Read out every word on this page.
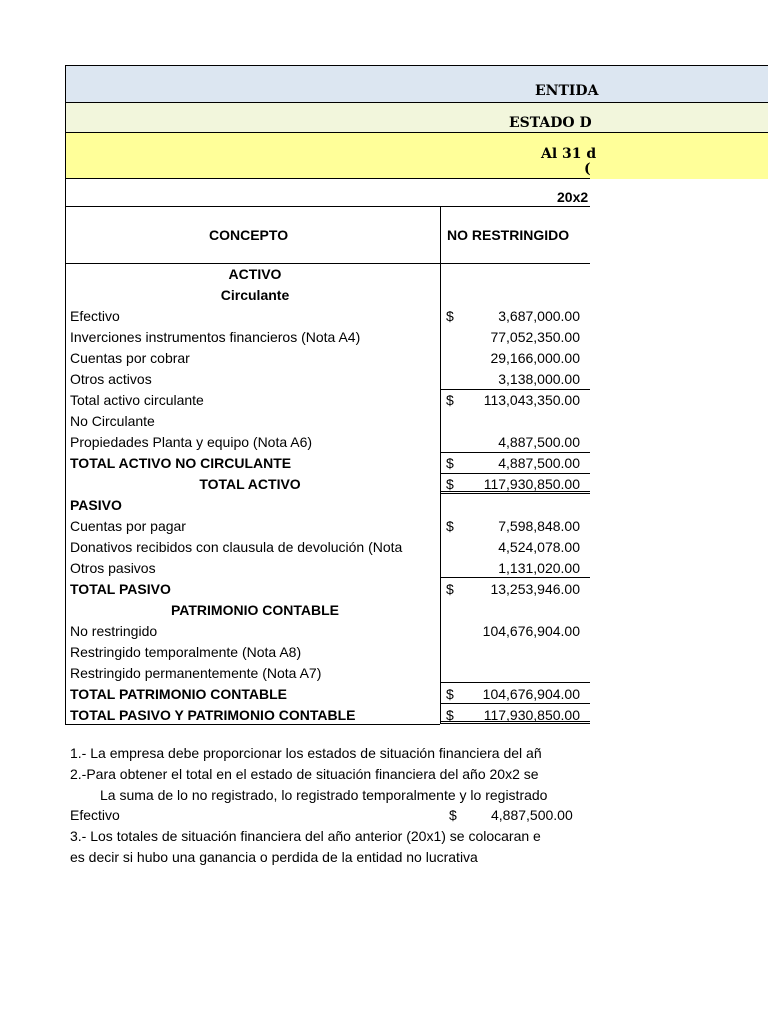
ENTIDA
ESTADO D
Al 31 d
(
20x2
CONCEPTO	NO RESTRINGIDO
ACTIVO
Circulante
Efectivo	$	3,687,000.00
Inverciones instrumentos financieros (Nota A4)	77,052,350.00
Cuentas por cobrar	29,166,000.00
Otros activos	3,138,000.00
Total activo circulante	$ 113,043,350.00
No Circulante
Propiedades Planta y equipo (Nota A6)	4,887,500.00
TOTAL ACTIVO NO CIRCULANTE	$	4,887,500.00
TOTAL ACTIVO	$ 117,930,850.00
PASIVO
Cuentas por pagar	$	7,598,848.00
Donativos recibidos con clausula de devolución (Nota	4,524,078.00
Otros pasivos	1,131,020.00
TOTAL PASIVO	$	13,253,946.00
PATRIMONIO CONTABLE
No restringido	104,676,904.00
Restringido temporalmente (Nota A8)
Restringido permanentemente (Nota A7)
TOTAL PATRIMONIO CONTABLE	$ 104,676,904.00
TOTAL PASIVO Y PATRIMONIO CONTABLE	$ 117,930,850.00
1.- La empresa debe proporcionar los estados de situación financiera del añ
2.-Para obtener el total en el estado de situación financiera del año 20x2 se
La suma de lo no registrado, lo registrado temporalmente y lo registrado
Efectivo	$ 4,887,500.00
3.- Los totales de situación financiera del año anterior (20x1) se colocaran e
es decir si hubo una ganancia o perdida de la entidad no lucrativa
